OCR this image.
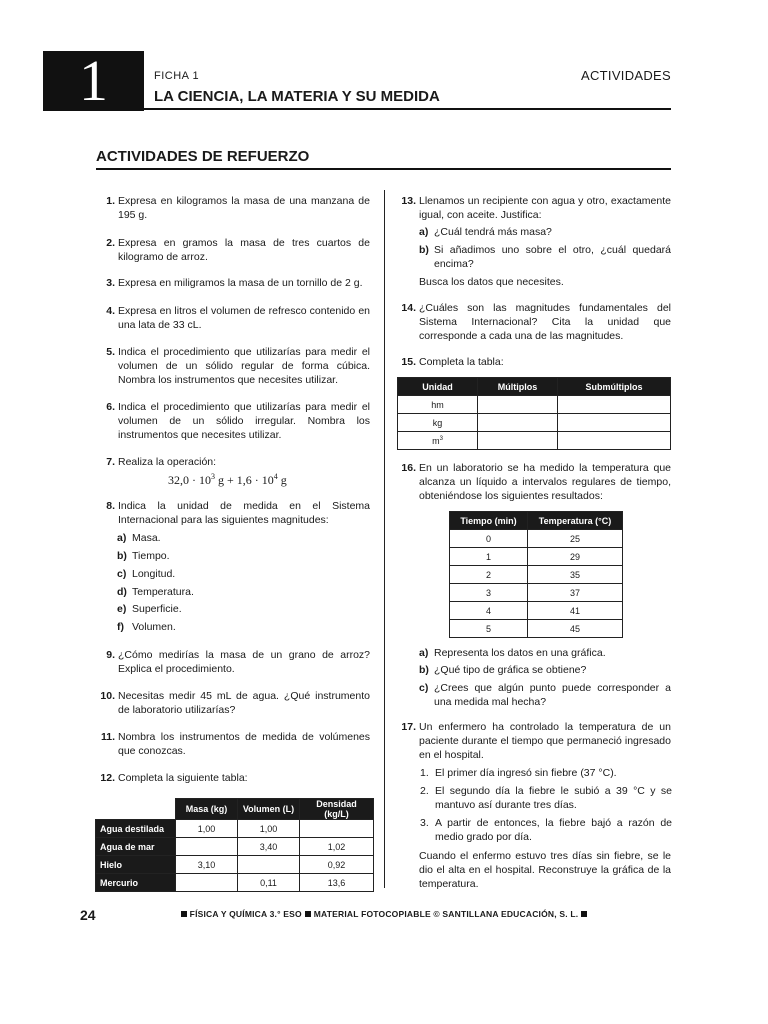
1	FICHA 1	ACTIVIDADES
LA CIENCIA, LA MATERIA Y SU MEDIDA
ACTIVIDADES DE REFUERZO
1. Expresa en kilogramos la masa de una manzana de 195 g.
2. Expresa en gramos la masa de tres cuartos de kilogramo de arroz.
3. Expresa en miligramos la masa de un tornillo de 2 g.
4. Expresa en litros el volumen de refresco contenido en una lata de 33 cL.
5. Indica el procedimiento que utilizarías para medir el volumen de un sólido regular de forma cúbica. Nombra los instrumentos que necesites utilizar.
6. Indica el procedimiento que utilizarías para medir el volumen de un sólido irregular. Nombra los instrumentos que necesites utilizar.
7. Realiza la operación:
$32,0 \cdot 10^3$ $g + 1,6 \cdot 10^4$ g
8. Indica la unidad de medida en el Sistema Internacional para las siguientes magnitudes:
a) Masa.
b) Tiempo.
c) Longitud.
d) Temperatura.
e) Superficie.
f) Volumen.
9. ¿Cómo medirías la masa de un grano de arroz? Explica el procedimiento.
10. Necesitas medir 45 mL de agua. ¿Qué instrumento de laboratorio utilizarías?
11. Nombra los instrumentos de medida de volúmenes que conozcas.
12. Completa la siguiente tabla:
	Masa (kg)	Volumen (L)	Densidad (kg/L)
Agua destilada	1,00	1,00	
Agua de mar		3,40	1,02
Hielo	3,10		0,92
Mercurio		0,11	13,6
13. Llenamos un recipiente con agua y otro, exactamente igual, con aceite. Justifica:
a) ¿Cuál tendrá más masa?
b) Si añadimos uno sobre el otro, ¿cuál quedará encima?
Busca los datos que necesites.
14. ¿Cuáles son las magnitudes fundamentales del Sistema Internacional? Cita la unidad que corresponde a cada una de las magnitudes.
15. Completa la tabla:
Unidad	Múltiplos	Submúltiplos
hm		
kg		
$m^3$		
16. En un laboratorio se ha medido la temperatura que alcanza un líquido a intervalos regulares de tiempo, obteniéndose los siguientes resultados:
Tiempo (min)	Temperatura (°C)
0	25
1	29
2	35
3	37
4	41
5	45
a) Representa los datos en una gráfica.
b) ¿Qué tipo de gráfica se obtiene?
c) ¿Crees que algún punto puede corresponder a una medida mal hecha?
17. Un enfermero ha controlado la temperatura de un paciente durante el tiempo que permaneció ingresado en el hospital.
1. El primer día ingresó sin fiebre (37 °C).
2. El segundo día la fiebre le subió a 39 °C y se mantuvo así durante tres días.
3. A partir de entonces, la fiebre bajó a razón de medio grado por día.
Cuando el enfermo estuvo tres días sin fiebre, se le dio el alta en el hospital. Reconstruye la gráfica de la temperatura.
24	FÍSICA Y QUÍMICA 3.° ESO MATERIAL FOTOCOPIABLE © SANTILLANA EDUCACIÓN, S. L.
